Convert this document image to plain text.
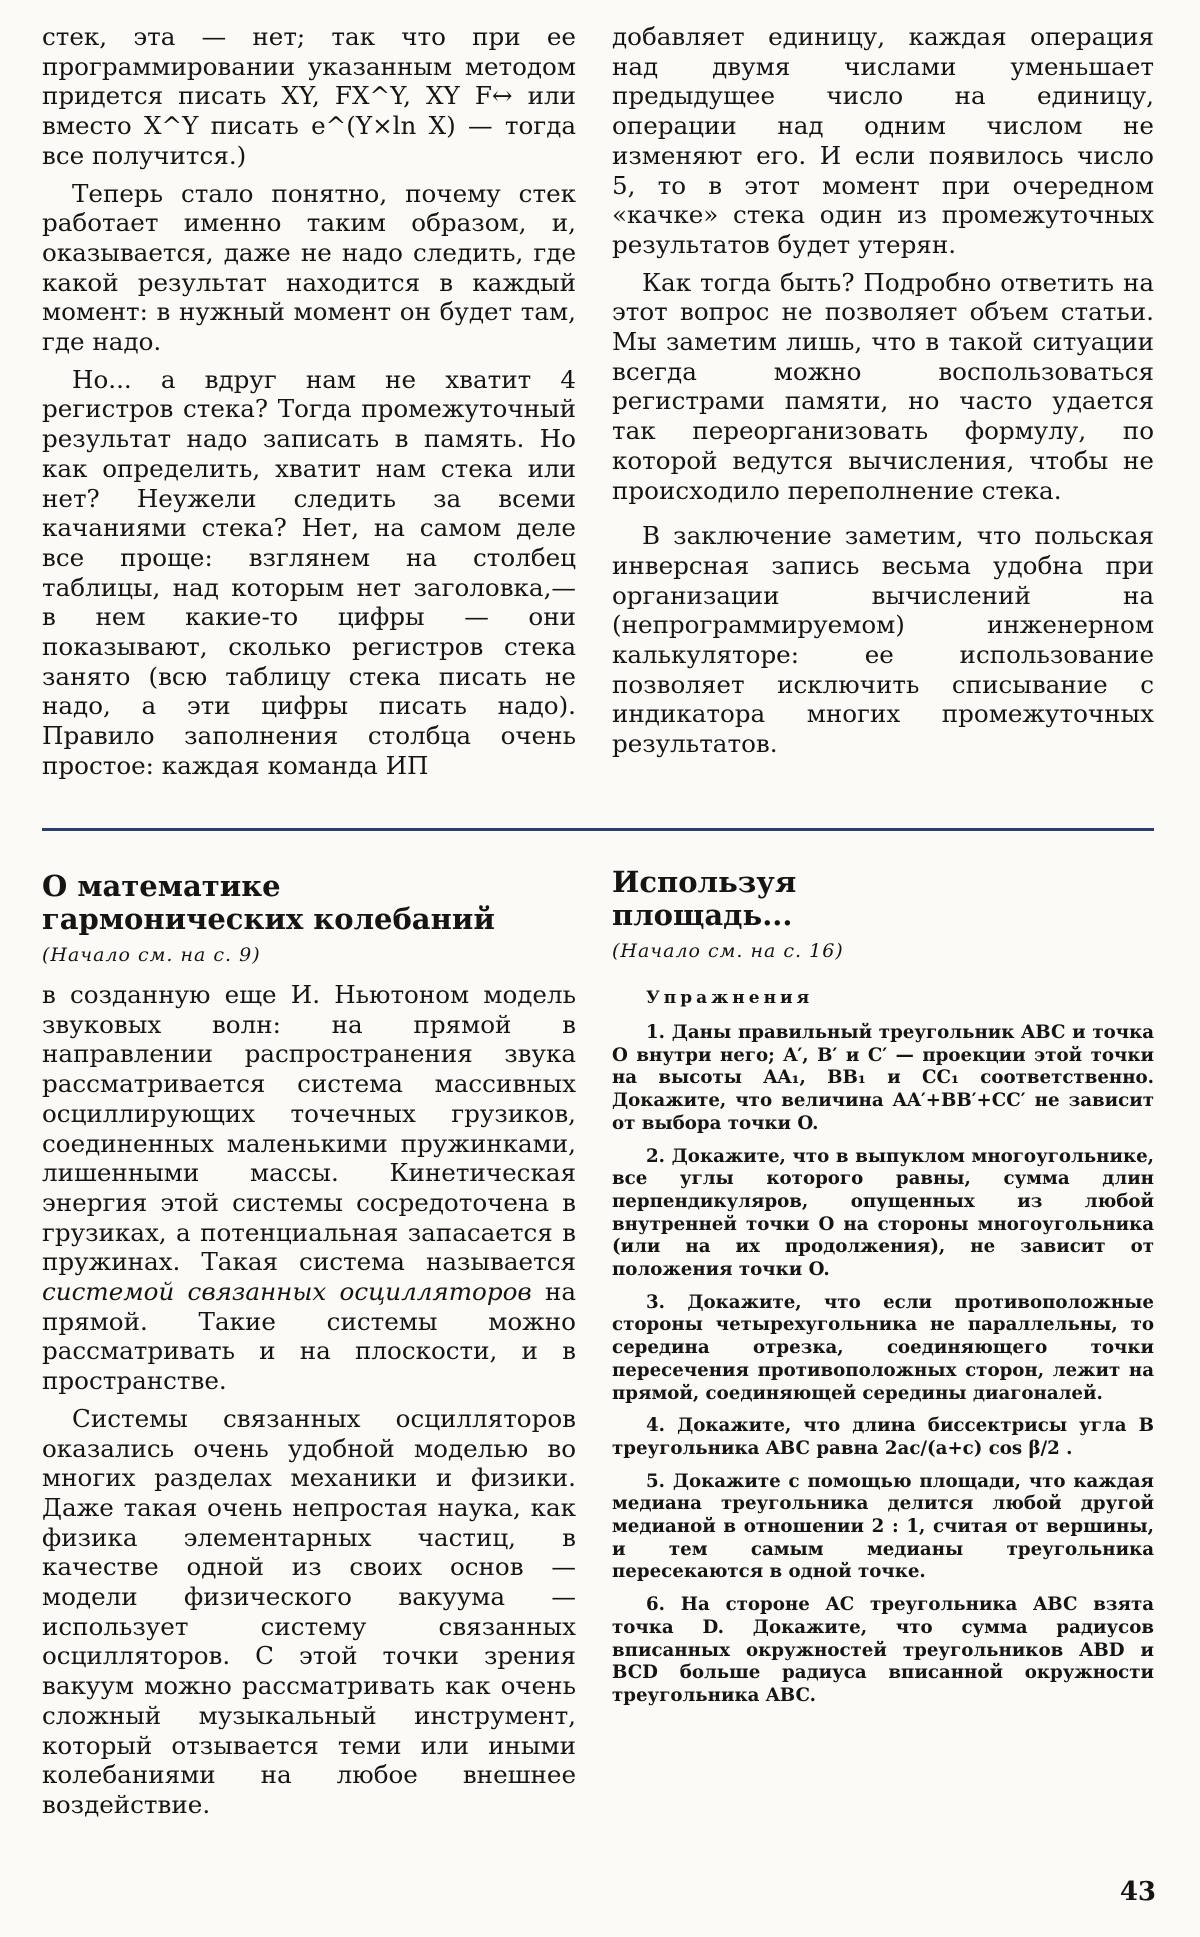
стек, эта — нет; так что при ее программировании указанным методом придется писать XY, FX^Y, XY F↔ или вместо X^Y писать e^(Y×ln X) — тогда все получится.)

Теперь стало понятно, почему стек работает именно таким образом, и, оказывается, даже не надо следить, где какой результат находится в каждый момент: в нужный момент он будет там, где надо.

Но... а вдруг нам не хватит 4 регистров стека? Тогда промежуточный результат надо записать в память. Но как определить, хватит нам стека или нет? Неужели следить за всеми качаниями стека? Нет, на самом деле все проще: взглянем на столбец таблицы, над которым нет заголовка,— в нем какие-то цифры — они показывают, сколько регистров стека занято (всю таблицу стека писать не надо, а эти цифры писать надо). Правило заполнения столбца очень простое: каждая команда ИП

добавляет единицу, каждая операция над двумя числами уменьшает предыдущее число на единицу, операции над одним числом не изменяют его. И если появилось число 5, то в этот момент при очередном «качке» стека один из промежуточных результатов будет утерян.

Как тогда быть? Подробно ответить на этот вопрос не позволяет объем статьи. Мы заметим лишь, что в такой ситуации всегда можно воспользоваться регистрами памяти, но часто удается так переорганизовать формулу, по которой ведутся вычисления, чтобы не происходило переполнение стека.

В заключение заметим, что польская инверсная запись весьма удобна при организации вычислений на (непрограммируемом) инженерном калькуляторе: ее использование позволяет исключить списывание с индикатора многих промежуточных результатов.

О математике
гармонических колебаний
(Начало см. на с. 9)

в созданную еще И. Ньютоном модель звуковых волн: на прямой в направлении распространения звука рассматривается система массивных осциллирующих точечных грузиков, соединенных маленькими пружинками, лишенными массы. Кинетическая энергия этой системы сосредоточена в грузиках, а потенциальная запасается в пружинах. Такая система называется системой связанных осцилляторов на прямой. Такие системы можно рассматривать и на плоскости, и в пространстве.

Системы связанных осцилляторов оказались очень удобной моделью во многих разделах механики и физики. Даже такая очень непростая наука, как физика элементарных частиц, в качестве одной из своих основ — модели физического вакуума — использует систему связанных осцилляторов. С этой точки зрения вакуум можно рассматривать как очень сложный музыкальный инструмент, который отзывается теми или иными колебаниями на любое внешнее воздействие.

Используя
площадь...
(Начало см. на с. 16)
Упражнения

1. Даны правильный треугольник ABC и точка O внутри него; A′, B′ и C′ — проекции этой точки на высоты AA₁, BB₁ и CC₁ соответственно. Докажите, что величина AA′+BB′+CC′ не зависит от выбора точки O.

2. Докажите, что в выпуклом многоугольнике, все углы которого равны, сумма длин перпендикуляров, опущенных из любой внутренней точки O на стороны многоугольника (или на их продолжения), не зависит от положения точки O.

3. Докажите, что если противоположные стороны четырехугольника не параллельны, то середина отрезка, соединяющего точки пересечения противоположных сторон, лежит на прямой, соединяющей середины диагоналей.

4. Докажите, что длина биссектрисы угла B треугольника ABC равна 2ac/(a+c) cos β/2 .

5. Докажите с помощью площади, что каждая медиана треугольника делится любой другой медианой в отношении 2 : 1, считая от вершины, и тем самым медианы треугольника пересекаются в одной точке.

6. На стороне AC треугольника ABC взята точка D. Докажите, что сумма радиусов вписанных окружностей треугольников ABD и BCD больше радиуса вписанной окружности треугольника ABC.

43
